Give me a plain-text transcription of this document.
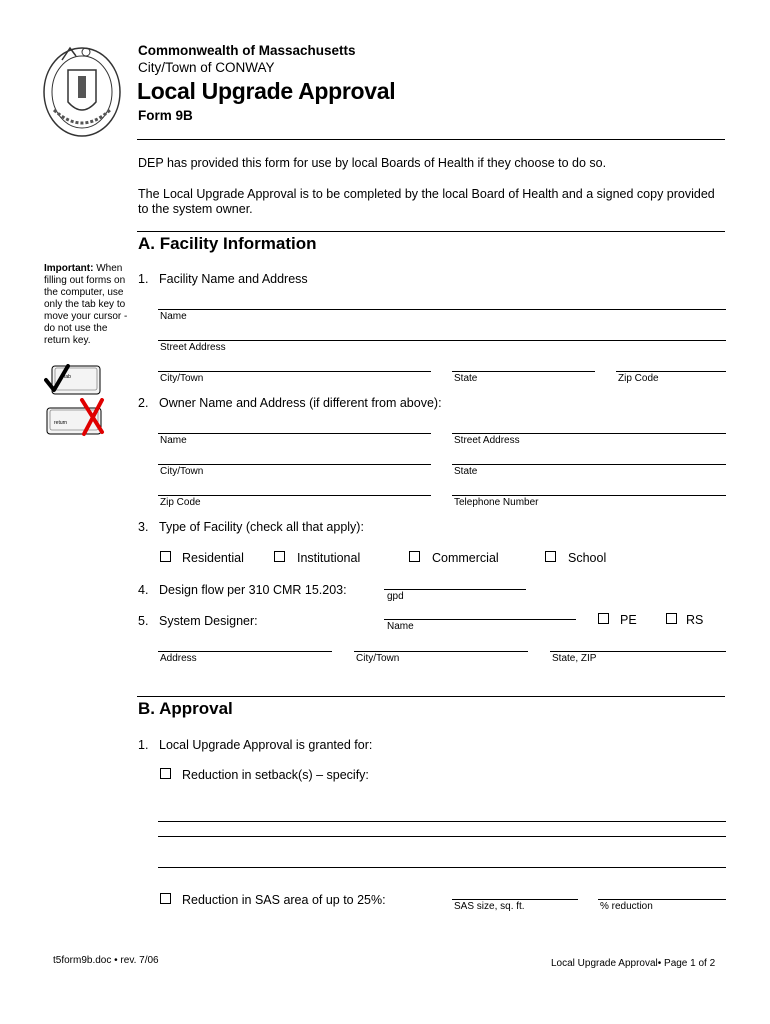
Commonwealth of Massachusetts
City/Town of CONWAY
Local Upgrade Approval
Form 9B
DEP has provided this form for use by local Boards of Health if they choose to do so.
The Local Upgrade Approval is to be completed by the local Board of Health and a signed copy provided
to the system owner.
A. Facility Information
Important: When filling out forms on the computer, use only the tab key to move your cursor - do not use the return key.
tab
return
1. Facility Name and Address
Name
Street Address
City/Town	State	Zip Code
2. Owner Name and Address (if different from above):
Name	Street Address
City/Town	State
Zip Code	Telephone Number
3. Type of Facility (check all that apply):
Residential	Institutional	Commercial	School
4. Design flow per 310 CMR 15.203:	gpd
5. System Designer:	Name	PE	RS
Address	City/Town	State, ZIP
B. Approval
1. Local Upgrade Approval is granted for:
Reduction in setback(s) – specify:
Reduction in SAS area of up to 25%:	SAS size, sq. ft.	% reduction
t5form9b.doc • rev. 7/06	Local Upgrade Approval• Page 1 of 2
